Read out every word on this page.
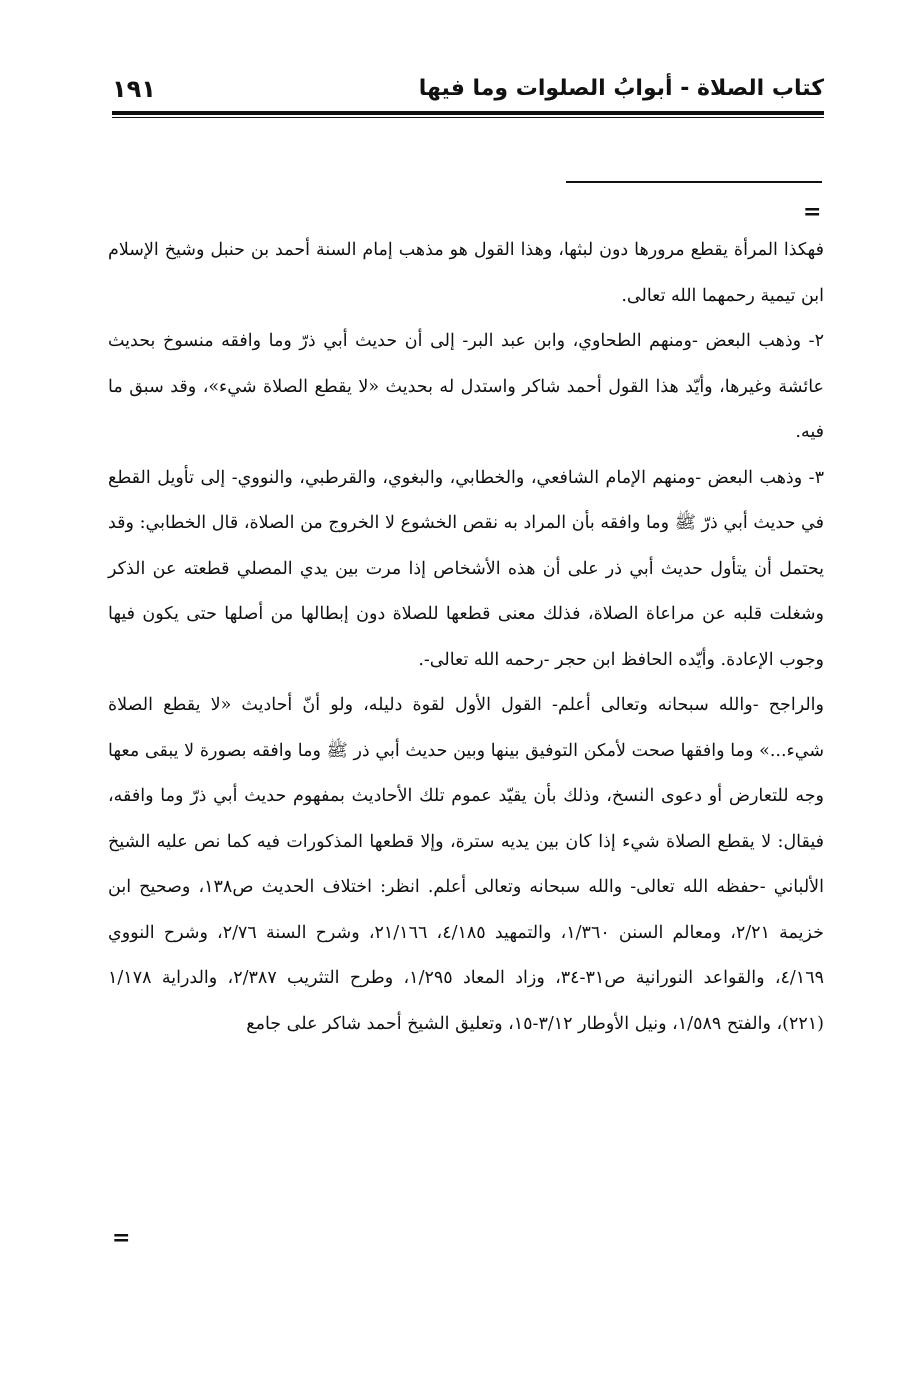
كتاب الصلاة - أبوابُ الصلوات وما فيها
١٩١
=

فهكذا المرأة يقطع مرورها دون لبثها، وهذا القول هو مذهب إمام السنة أحمد بن حنبل وشيخ الإسلام ابن تيمية رحمهما الله تعالى.

٢- وذهب البعض -ومنهم الطحاوي، وابن عبد البر- إلى أن حديث أبي ذرّ وما وافقه منسوخ بحديث عائشة وغيرها، وأيّد هذا القول أحمد شاكر واستدل له بحديث «لا يقطع الصلاة شيء»، وقد سبق ما فيه.

٣- وذهب البعض -ومنهم الإمام الشافعي، والخطابي، والبغوي، والقرطبي، والنووي- إلى تأويل القطع في حديث أبي ذرّ ﷺ وما وافقه بأن المراد به نقص الخشوع لا الخروج من الصلاة، قال الخطابي: وقد يحتمل أن يتأول حديث أبي ذر على أن هذه الأشخاص إذا مرت بين يدي المصلي قطعته عن الذكر وشغلت قلبه عن مراعاة الصلاة، فذلك معنى قطعها للصلاة دون إبطالها من أصلها حتى يكون فيها وجوب الإعادة. وأيّده الحافظ ابن حجر -رحمه الله تعالى-.

والراجح -والله سبحانه وتعالى أعلم- القول الأول لقوة دليله، ولو أنّ أحاديث «لا يقطع الصلاة شيء...» وما وافقها صحت لأمكن التوفيق بينها وبين حديث أبي ذر ﷺ وما وافقه بصورة لا يبقى معها وجه للتعارض أو دعوى النسخ، وذلك بأن يقيّد عموم تلك الأحاديث بمفهوم حديث أبي ذرّ وما وافقه، فيقال: لا يقطع الصلاة شيء إذا كان بين يديه سترة، وإلا قطعها المذكورات فيه كما نص عليه الشيخ الألباني -حفظه الله تعالى- والله سبحانه وتعالى أعلم. انظر: اختلاف الحديث ص١٣٨، وصحيح ابن خزيمة ٢/٢١، ومعالم السنن ١/٣٦٠، والتمهيد ٤/١٨٥، ٢١/١٦٦، وشرح السنة ٢/٧٦، وشرح النووي ٤/١٦٩، والقواعد النورانية ص٣١-٣٤، وزاد المعاد ١/٢٩٥، وطرح التثريب ٢/٣٨٧، والدراية ١/١٧٨ (٢٢١)، والفتح ١/٥٨٩، ونيل الأوطار ٣/١٢-١٥، وتعليق الشيخ أحمد شاكر على جامع

=
